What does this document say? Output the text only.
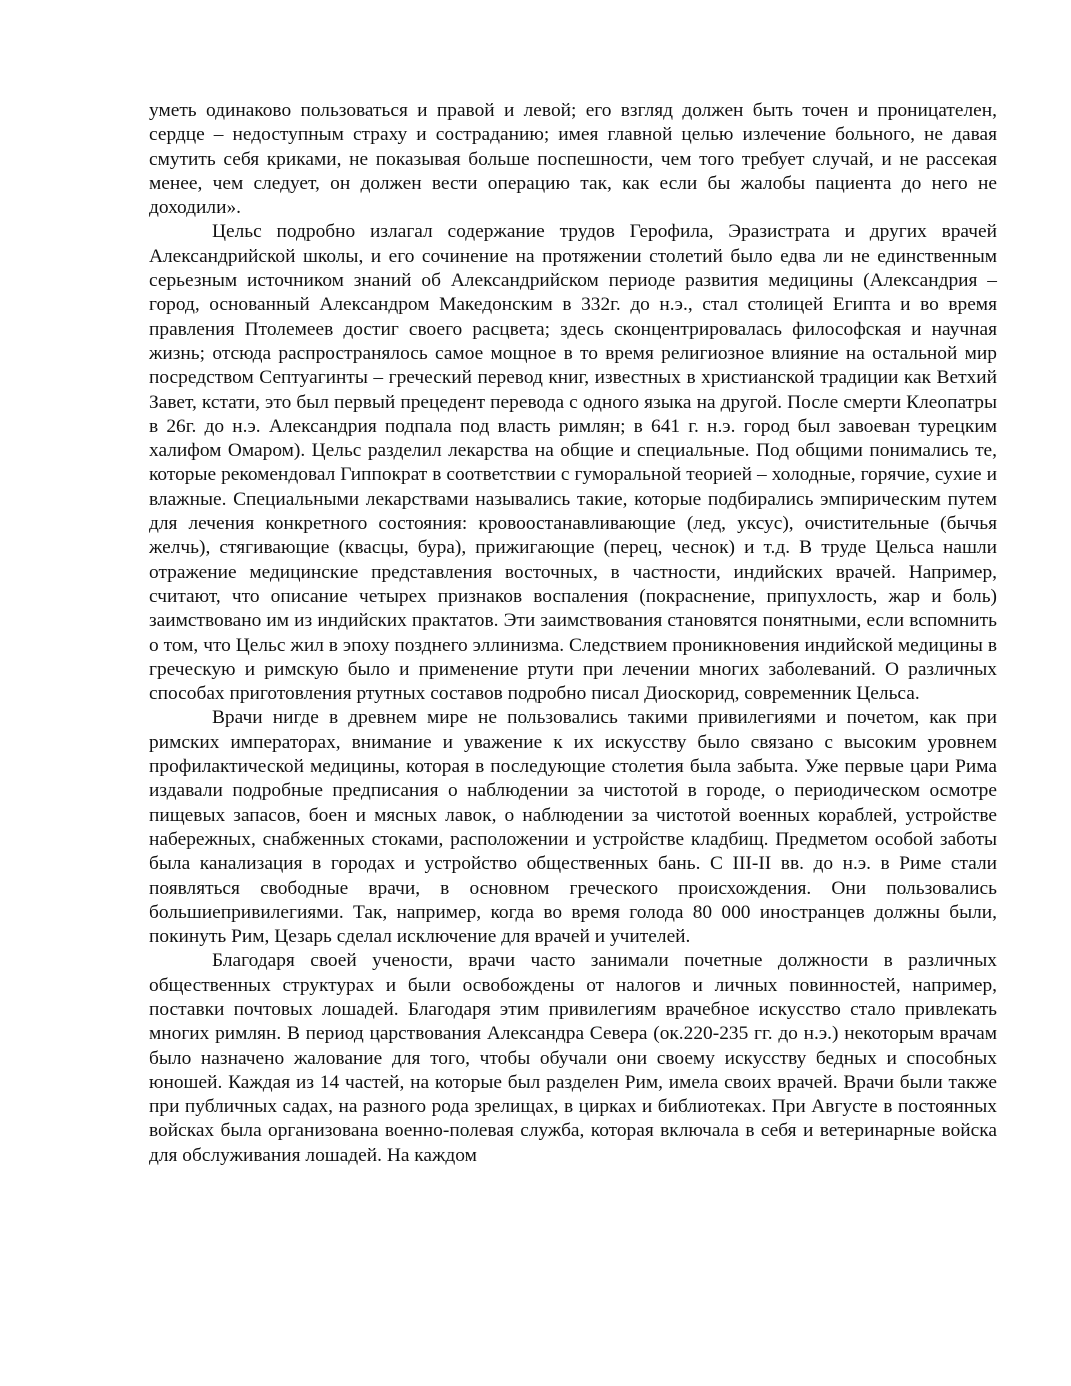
уметь одинаково пользоваться и правой и левой; его взгляд должен быть точен и проницателен, сердце – недоступным страху и состраданию; имея главной целью излечение больного, не давая смутить себя криками, не показывая больше поспешности, чем того требует случай, и не рассекая менее, чем следует, он должен вести операцию так, как если бы жалобы пациента до него не доходили».

Цельс подробно излагал содержание трудов Герофила, Эразистрата и других врачей Александрийской школы, и его сочинение на протяжении столетий было едва ли не единственным серьезным источником знаний об Александрийском периоде развития медицины (Александрия – город, основанный Александром Македонским в 332г. до н.э., стал столицей Египта и во время правления Птолемеев достиг своего расцвета; здесь сконцентрировалась философская и научная жизнь; отсюда распространялось самое мощное в то время религиозное влияние на остальной мир посредством Септуагинты – греческий перевод книг, известных в христианской традиции как Ветхий Завет, кстати, это был первый прецедент перевода с одного языка на другой. После смерти Клеопатры в 26г. до н.э. Александрия подпала под власть римлян; в 641 г. н.э. город был завоеван турецким халифом Омаром). Цельс разделил лекарства на общие и специальные. Под общими понимались те, которые рекомендовал Гиппократ в соответствии с гуморальной теорией – холодные, горячие, сухие и влажные. Специальными лекарствами назывались такие, которые подбирались эмпирическим путем для лечения конкретного состояния: кровоостанавливающие (лед, уксус), очистительные (бычья желчь), стягивающие (квасцы, бура), прижигающие (перец, чеснок) и т.д. В труде Цельса нашли отражение медицинские представления восточных, в частности, индийских врачей. Например, считают, что описание четырех признаков воспаления (покраснение, припухлость, жар и боль) заимствовано им из индийских практатов. Эти заимствования становятся понятными, если вспомнить о том, что Цельс жил в эпоху позднего эллинизма. Следствием проникновения индийской медицины в греческую и римскую было и применение ртути при лечении многих заболеваний. О различных способах приготовления ртутных составов подробно писал Диоскорид, современник Цельса.

Врачи нигде в древнем мире не пользовались такими привилегиями и почетом, как при римских императорах, внимание и уважение к их искусству было связано с высоким уровнем профилактической медицины, которая в последующие столетия была забыта. Уже первые цари Рима издавали подробные предписания о наблюдении за чистотой в городе, о периодическом осмотре пищевых запасов, боен и мясных лавок, о наблюдении за чистотой военных кораблей, устройстве набережных, снабженных стоками, расположении и устройстве кладбищ. Предметом особой заботы была канализация в городах и устройство общественных бань. С III-II вв. до н.э. в Риме стали появляться свободные врачи, в основном греческого происхождения. Они пользовались большиепривилегиями. Так, например, когда во время голода 80 000 иностранцев должны были, покинуть Рим, Цезарь сделал исключение для врачей и учителей.

Благодаря своей учености, врачи часто занимали почетные должности в различных общественных структурах и были освобождены от налогов и личных повинностей, например, поставки почтовых лошадей. Благодаря этим привилегиям врачебное искусство стало привлекать многих римлян. В период царствования Александра Севера (ок.220-235 гг. до н.э.) некоторым врачам было назначено жалование для того, чтобы обучали они своему искусству бедных и способных юношей. Каждая из 14 частей, на которые был разделен Рим, имела своих врачей. Врачи были также при публичных садах, на разного рода зрелищах, в цирках и библиотеках. При Августе в постоянных войсках была организована военно-полевая служба, которая включала в себя и ветеринарные войска для обслуживания лошадей. На каждом
